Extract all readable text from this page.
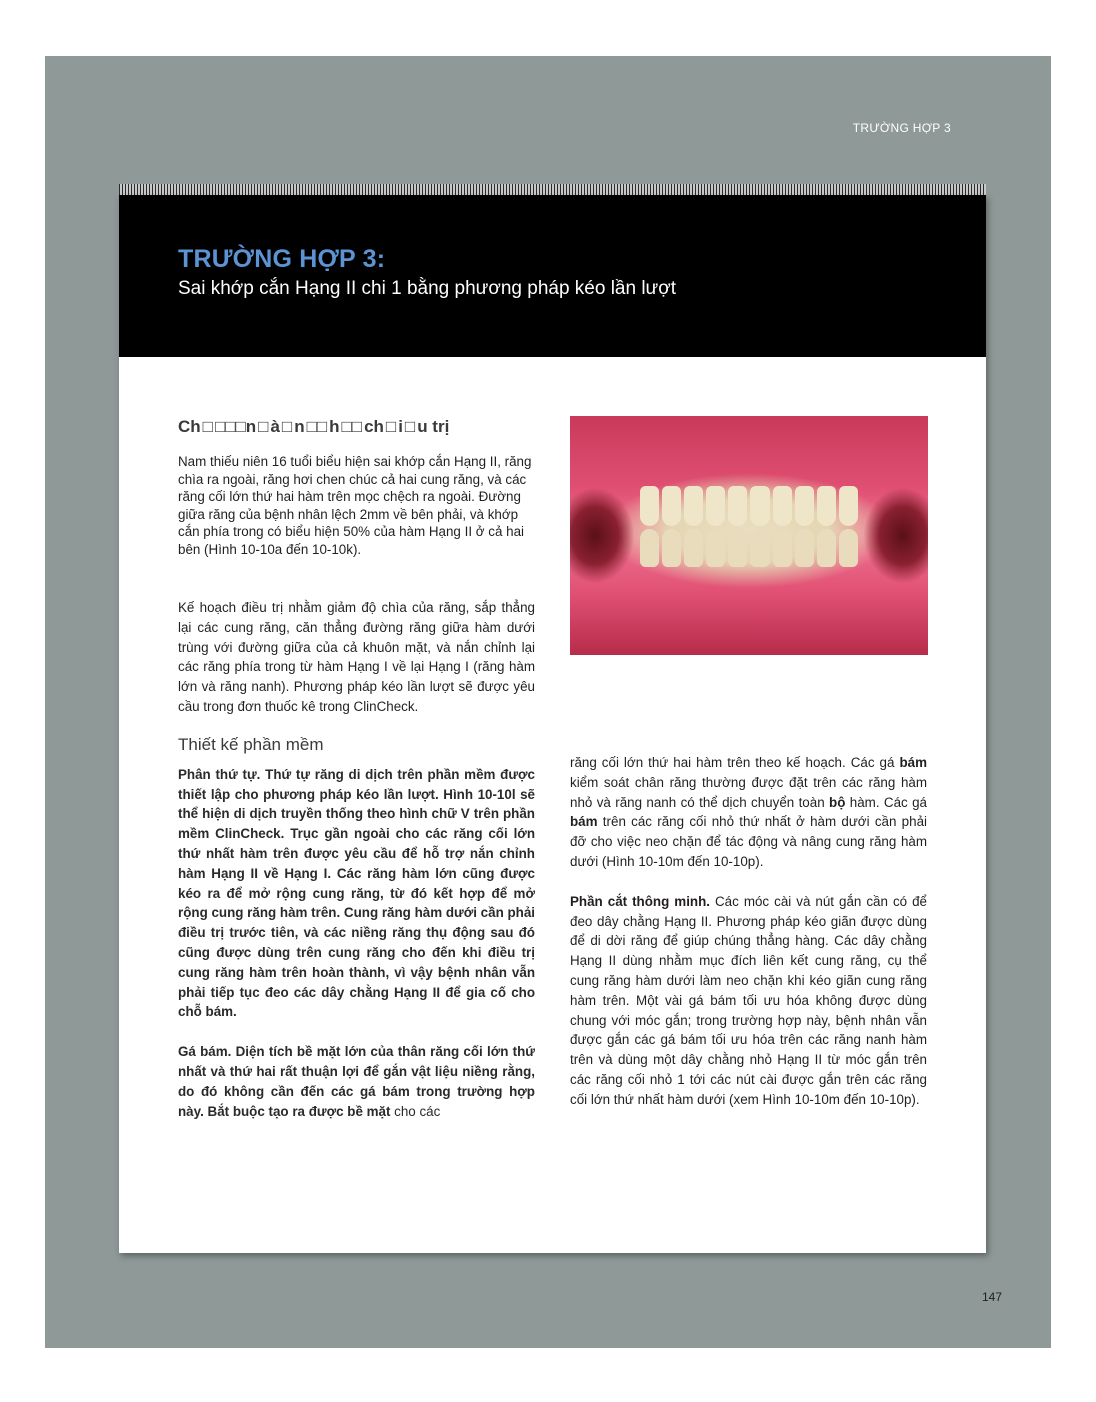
TRƯỜNG HỢP 3
TRƯỜNG HỢP 3:
Sai khớp cắn Hạng II chi 1 bằng phương pháp kéo lần lượt
Ch □ □□□n □ à □ n □□ h □□ ch □ i □ u trị

Nam thiếu niên 16 tuổi biểu hiện sai khớp cắn Hạng II, răng chìa ra ngoài, răng hơi chen chúc cả hai cung răng, và các răng cối lớn thứ hai hàm trên mọc chệch ra ngoài. Đường giữa răng của bệnh nhân lệch 2mm về bên phải, và khớp cắn phía trong có biểu hiện 50% của hàm Hạng II ở cả hai bên (Hình 10-10a đến 10-10k).

Kế hoạch điều trị nhằm giảm độ chìa của răng, sắp thẳng lại các cung răng, căn thẳng đường răng giữa hàm dưới trùng với đường giữa của cả khuôn mặt, và nắn chỉnh lại các răng phía trong từ hàm Hạng I về lại Hạng I (răng hàm lớn và răng nanh). Phương pháp kéo lần lượt sẽ được yêu cầu trong đơn thuốc kê trong ClinCheck.

Thiết kế phần mềm

Phân thứ tự. Thứ tự răng di dịch trên phần mềm được thiết lập cho phương pháp kéo lần lượt. Hình 10-10l sẽ thể hiện di dịch truyền thống theo hình chữ V trên phần mềm ClinCheck. Trục gần ngoài cho các răng cối lớn thứ nhất hàm trên được yêu cầu để hỗ trợ nắn chỉnh hàm Hạng II về Hạng I. Các răng hàm lớn cũng được kéo ra để mở rộng cung răng, từ đó kết hợp để mở rộng cung răng hàm trên. Cung răng hàm dưới cần phải điều trị trước tiên, và các niềng răng thụ động sau đó cũng được dùng trên cung răng cho đến khi điều trị cung răng hàm trên hoàn thành, vì vậy bệnh nhân vẫn phải tiếp tục đeo các dây chằng Hạng II để gia cố cho chỗ bám.

Gá bám. Diện tích bề mặt lớn của thân răng cối lớn thứ nhất và thứ hai rất thuận lợi để gắn vật liệu niềng rằng, do đó không cần đến các gá bám trong trường hợp này. Bắt buộc tạo ra được bề mặt cho các

răng cối lớn thứ hai hàm trên theo kế hoạch. Các gá bám kiểm soát chân răng thường được đặt trên các răng hàm nhỏ và răng nanh có thể dịch chuyển toàn bộ hàm. Các gá bám trên các răng cối nhỏ thứ nhất ở hàm dưới cần phải đỡ cho việc neo chặn để tác động và nâng cung răng hàm dưới (Hình 10-10m đến 10-10p).

Phần cắt thông minh. Các móc cài và nút gắn cần có để đeo dây chằng Hạng II. Phương pháp kéo giãn được dùng để di dời răng để giúp chúng thẳng hàng. Các dây chằng Hạng II dùng nhằm mục đích liên kết cung răng, cụ thể cung răng hàm dưới làm neo chặn khi kéo giãn cung răng hàm trên. Một vài gá bám tối ưu hóa không được dùng chung với móc gắn; trong trường hợp này, bệnh nhân vẫn được gắn các gá bám tối ưu hóa trên các răng nanh hàm trên và dùng một dây chằng nhỏ Hạng II từ móc gắn trên các răng cối nhỏ 1 tới các nút cài được gắn trên các răng cối lớn thứ nhất hàm dưới (xem Hình 10-10m đến 10-10p).

147
